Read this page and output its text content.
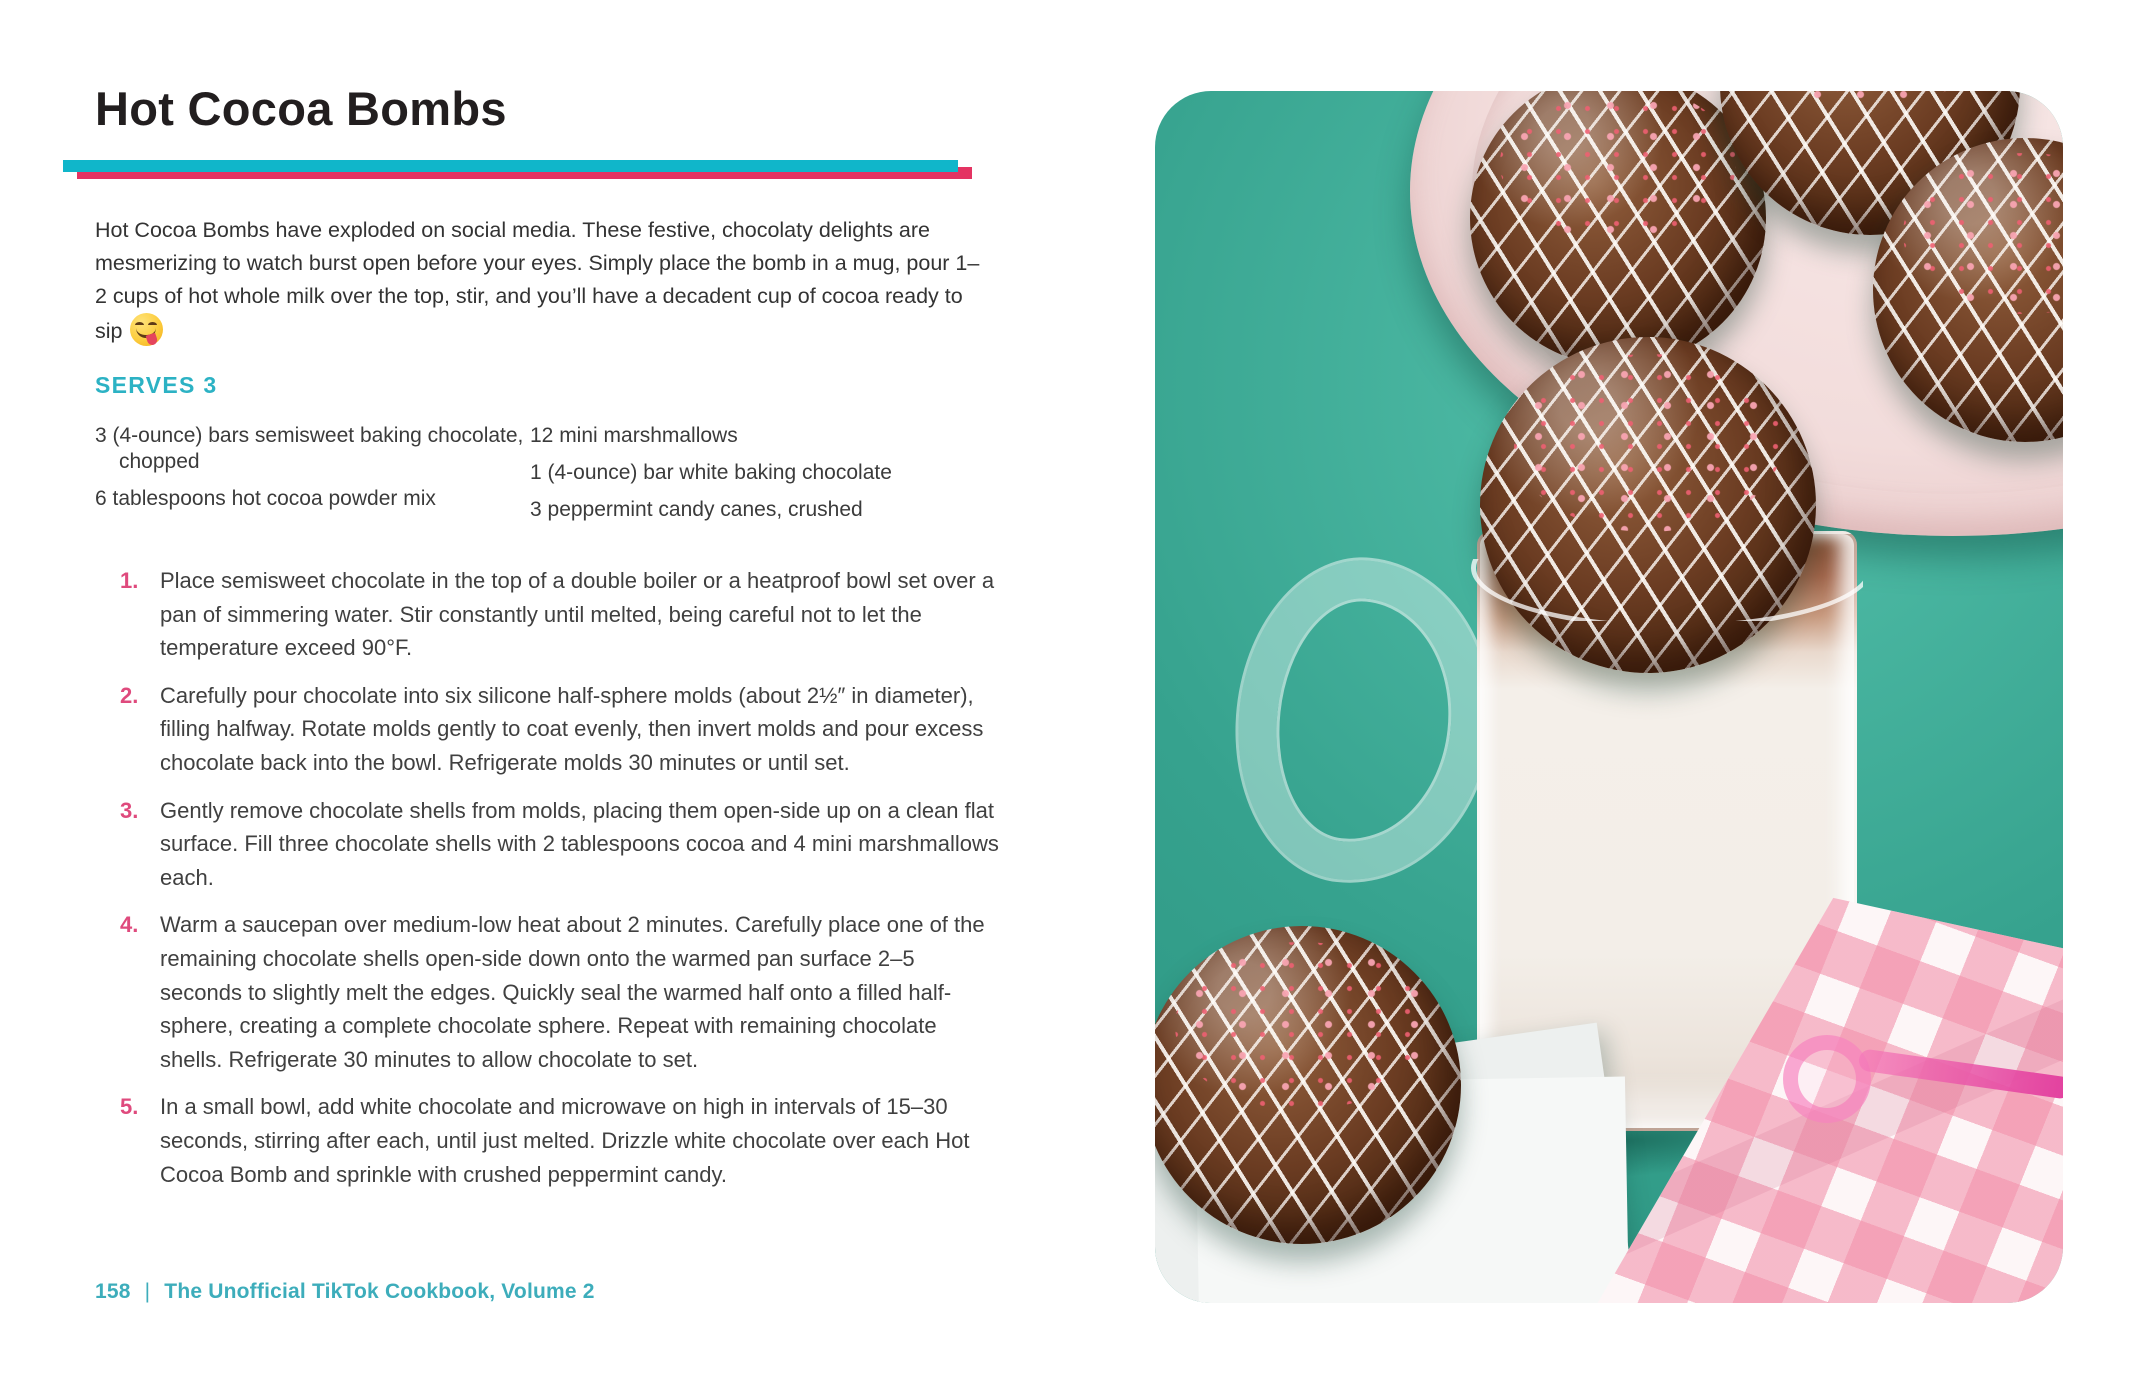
Hot Cocoa Bombs

Hot Cocoa Bombs have exploded on social media. These festive, chocolaty delights are mesmerizing to watch burst open before your eyes. Simply place the bomb in a mug, pour 1–2 cups of hot whole milk over the top, stir, and you’ll have a decadent cup of cocoa ready to sip

SERVES 3
3 (4-ounce) bars semisweet baking chocolate, chopped
6 tablespoons hot cocoa powder mix
12 mini marshmallows
1 (4-ounce) bar white baking chocolate
3 peppermint candy canes, crushed
1. Place semisweet chocolate in the top of a double boiler or a heatproof bowl set over a pan of simmering water. Stir constantly until melted, being careful not to let the temperature exceed 90°F.
2. Carefully pour chocolate into six silicone half-sphere molds (about 2½″ in diameter), filling halfway. Rotate molds gently to coat evenly, then invert molds and pour excess chocolate back into the bowl. Refrigerate molds 30 minutes or until set.
3. Gently remove chocolate shells from molds, placing them open-side up on a clean flat surface. Fill three chocolate shells with 2 tablespoons cocoa and 4 mini marshmallows each.
4. Warm a saucepan over medium-low heat about 2 minutes. Carefully place one of the remaining chocolate shells open-side down onto the warmed pan surface 2–5 seconds to slightly melt the edges. Quickly seal the warmed half onto a filled half-sphere, creating a complete chocolate sphere. Repeat with remaining chocolate shells. Refrigerate 30 minutes to allow chocolate to set.
5. In a small bowl, add white chocolate and microwave on high in intervals of 15–30 seconds, stirring after each, until just melted. Drizzle white chocolate over each Hot Cocoa Bomb and sprinkle with crushed peppermint candy.
158 | The Unofficial TikTok Cookbook, Volume 2
